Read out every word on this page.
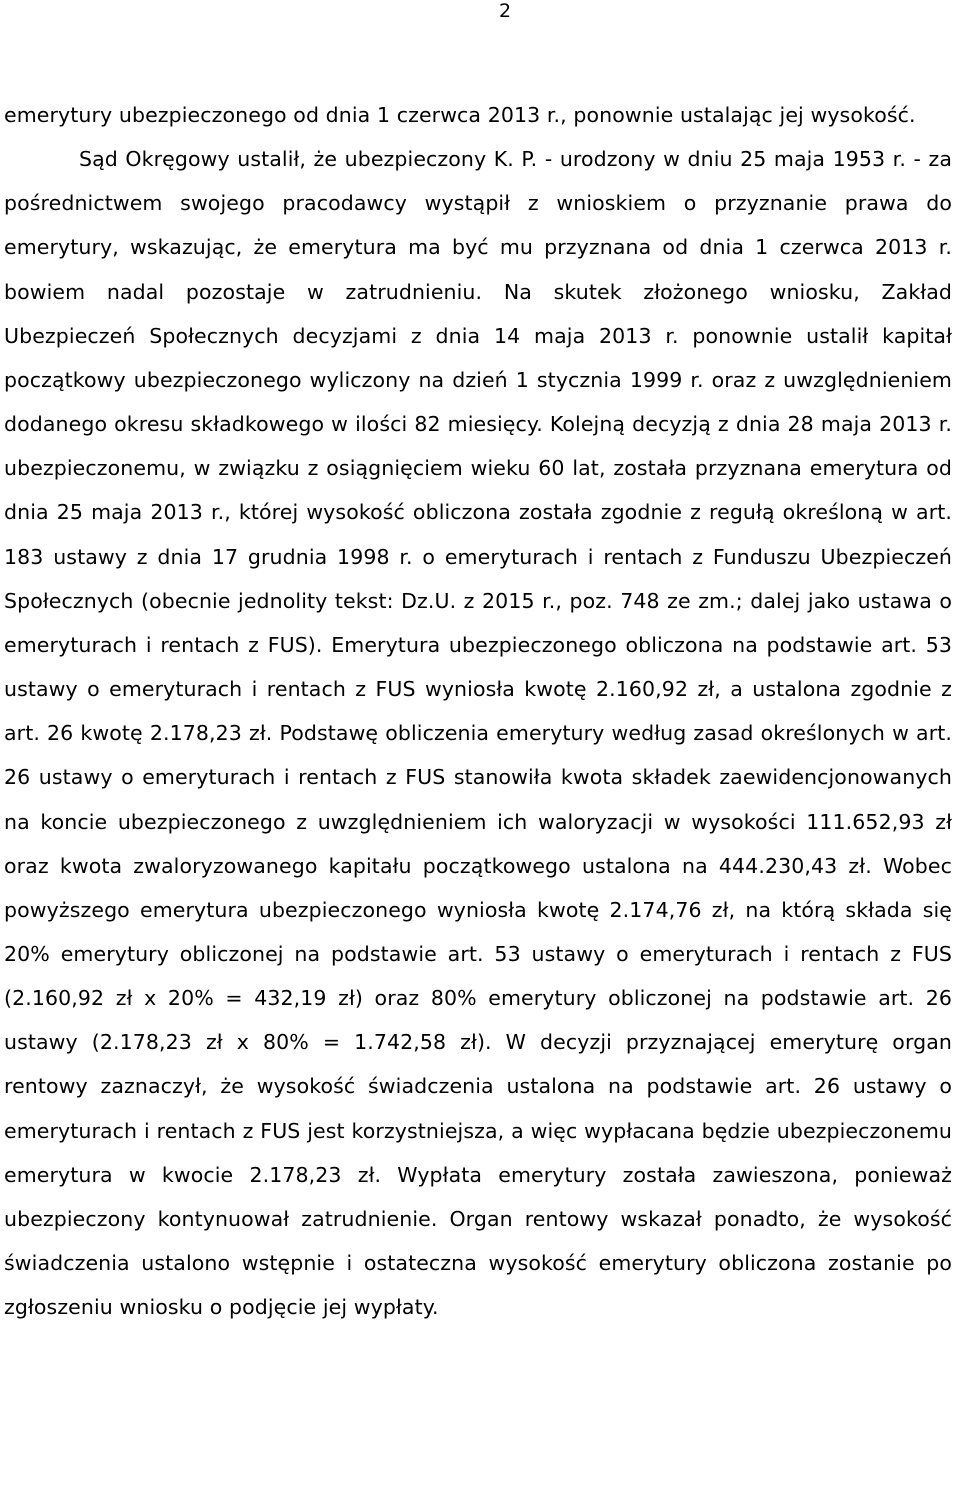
2

emerytury ubezpieczonego od dnia 1 czerwca 2013 r., ponownie ustalając jej wysokość.

Sąd Okręgowy ustalił, że ubezpieczony K. P. - urodzony w dniu 25 maja 1953 r. - za pośrednictwem swojego pracodawcy wystąpił z wnioskiem o przyznanie prawa do emerytury, wskazując, że emerytura ma być mu przyznana od dnia 1 czerwca 2013 r. bowiem nadal pozostaje w zatrudnieniu. Na skutek złożonego wniosku, Zakład Ubezpieczeń Społecznych decyzjami z dnia 14 maja 2013 r. ponownie ustalił kapitał początkowy ubezpieczonego wyliczony na dzień 1 stycznia 1999 r. oraz z uwzględnieniem dodanego okresu składkowego w ilości 82 miesięcy. Kolejną decyzją z dnia 28 maja 2013 r. ubezpieczonemu, w związku z osiągnięciem wieku 60 lat, została przyznana emerytura od dnia 25 maja 2013 r., której wysokość obliczona została zgodnie z regułą określoną w art. 183 ustawy z dnia 17 grudnia 1998 r. o emeryturach i rentach z Funduszu Ubezpieczeń Społecznych (obecnie jednolity tekst: Dz.U. z 2015 r., poz. 748 ze zm.; dalej jako ustawa o emeryturach i rentach z FUS). Emerytura ubezpieczonego obliczona na podstawie art. 53 ustawy o emeryturach i rentach z FUS wyniosła kwotę 2.160,92 zł, a ustalona zgodnie z art. 26 kwotę 2.178,23 zł. Podstawę obliczenia emerytury według zasad określonych w art. 26 ustawy o emeryturach i rentach z FUS stanowiła kwota składek zaewidencjonowanych na koncie ubezpieczonego z uwzględnieniem ich waloryzacji w wysokości 111.652,93 zł oraz kwota zwaloryzowanego kapitału początkowego ustalona na 444.230,43 zł. Wobec powyższego emerytura ubezpieczonego wyniosła kwotę 2.174,76 zł, na którą składa się 20% emerytury obliczonej na podstawie art. 53 ustawy o emeryturach i rentach z FUS (2.160,92 zł x 20% = 432,19 zł) oraz 80% emerytury obliczonej na podstawie art. 26 ustawy (2.178,23 zł x 80% = 1.742,58 zł). W decyzji przyznającej emeryturę organ rentowy zaznaczył, że wysokość świadczenia ustalona na podstawie art. 26 ustawy o emeryturach i rentach z FUS jest korzystniejsza, a więc wypłacana będzie ubezpieczonemu emerytura w kwocie 2.178,23 zł. Wypłata emerytury została zawieszona, ponieważ ubezpieczony kontynuował zatrudnienie. Organ rentowy wskazał ponadto, że wysokość świadczenia ustalono wstępnie i ostateczna wysokość emerytury obliczona zostanie po zgłoszeniu wniosku o podjęcie jej wypłaty.
